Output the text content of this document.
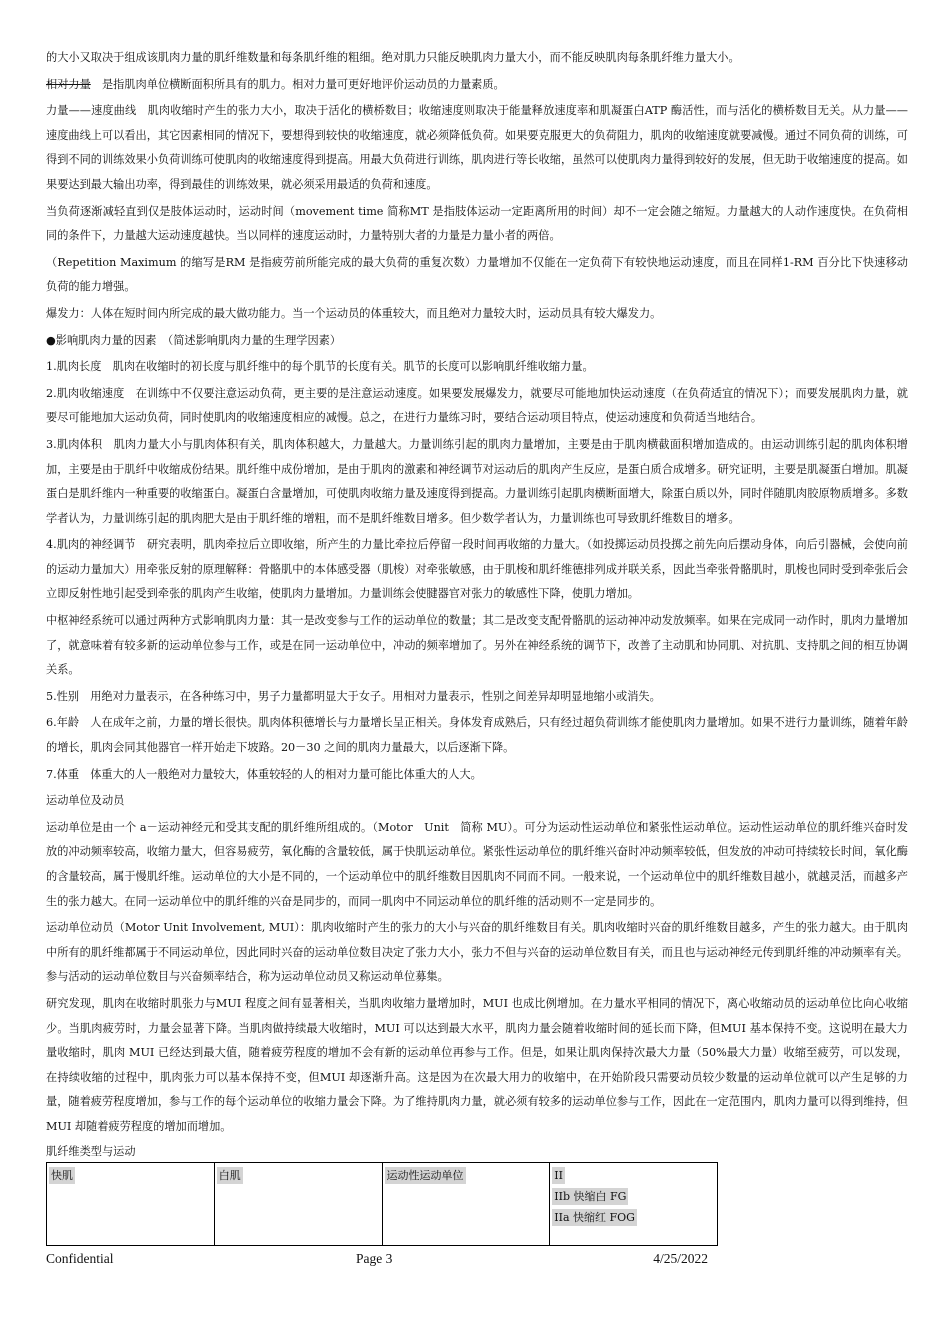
的大小又取决于组成该肌肉力量的肌纤维数量和每条肌纤维的粗细。绝对肌力只能反映肌肉力量大小，而不能反映肌肉每条肌纤维力量大小。

相对力量　 是指肌肉单位横断面积所具有的肌力。相对力量可更好地评价运动员的力量素质。

力量——速度曲线　肌肉收缩时产生的张力大小，取决于活化的横桥数目；收缩速度则取决于能量释放速度率和肌凝蛋白ATP 酶活性，而与活化的横桥数目无关。从力量——速度曲线上可以看出，其它因素相同的情况下，要想得到较快的收缩速度，就必须降低负荷。如果要克服更大的负荷阻力，肌肉的收缩速度就要减慢。通过不同负荷的训练，可得到不同的训练效果小负荷训练可使肌肉的收缩速度得到提高。用最大负荷进行训练，肌肉进行等长收缩，虽然可以使肌肉力量得到较好的发展，但无助于收缩速度的提高。如果要达到最大输出功率，得到最佳的训练效果，就必须采用最适的负荷和速度。

当负荷逐渐减轻直到仅是肢体运动时，运动时间（movement time 简称MT 是指肢体运动一定距离所用的时间）却不一定会随之缩短。力量越大的人动作速度快。在负荷相同的条件下，力量越大运动速度越快。当以同样的速度运动时，力量特别大者的力量是力量小者的两倍。

（Repetition Maximum 的缩写是RM 是指疲劳前所能完成的最大负荷的重复次数）力量增加不仅能在一定负荷下有较快地运动速度，而且在同样1-RM 百分比下快速移动负荷的能力增强。

爆发力：人体在短时间内所完成的最大做功能力。当一个运动员的体重较大，而且绝对力量较大时，运动员具有较大爆发力。

●影响肌肉力量的因素　（简述影响肌肉力量的生理学因素）

1.肌肉长度　肌肉在收缩时的初长度与肌纤维中的每个肌节的长度有关。肌节的长度可以影响肌纤维收缩力量。

2.肌肉收缩速度　在训练中不仅要注意运动负荷，更主要的是注意运动速度。如果要发展爆发力，就要尽可能地加快运动速度（在负荷适宜的情况下）；而要发展肌肉力量，就要尽可能地加大运动负荷，同时使肌肉的收缩速度相应的减慢。总之，在进行力量练习时，要结合运动项目特点，使运动速度和负荷适当地结合。

3.肌肉体积　肌肉力量大小与肌肉体积有关，肌肉体积越大，力量越大。力量训练引起的肌肉力量增加，主要是由于肌肉横截面积增加造成的。由运动训练引起的肌肉体积增加，主要是由于肌纤中收缩成份结果。肌纤维中成份增加，是由于肌肉的激素和神经调节对运动后的肌肉产生反应，是蛋白质合成增多。研究证明，主要是肌凝蛋白增加。肌凝蛋白是肌纤维内一种重要的收缩蛋白。凝蛋白含量增加，可使肌肉收缩力量及速度得到提高。力量训练引起肌肉横断面增大，除蛋白质以外，同时伴随肌肉胶原物质增多。多数学者认为，力量训练引起的肌肉肥大是由于肌纤维的增粗，而不是肌纤维数目增多。但少数学者认为，力量训练也可导致肌纤维数目的增多。

4.肌肉的神经调节　研究表明，肌肉牵拉后立即收缩，所产生的力量比牵拉后停留一段时间再收缩的力量大。（如投掷运动员投掷之前先向后摆动身体，向后引器械，会使向前的运动力量加大）用牵张反射的原理解释：骨骼肌中的本体感受器（肌梭）对牵张敏感，由于肌梭和肌纤维德排列成并联关系，因此当牵张骨骼肌时，肌梭也同时受到牵张后会立即反射性地引起受到牵张的肌肉产生收缩，使肌肉力量增加。力量训练会使腱器官对张力的敏感性下降，使肌力增加。

中枢神经系统可以通过两种方式影响肌肉力量：其一是改变参与工作的运动单位的数量；其二是改变支配骨骼肌的运动神冲动发放频率。如果在完成同一动作时，肌肉力量增加了，就意味着有较多新的运动单位参与工作，或是在同一运动单位中，冲动的频率增加了。另外在神经系统的调节下，改善了主动肌和协同肌、对抗肌、支持肌之间的相互协调关系。

5.性别　用绝对力量表示，在各种练习中，男子力量都明显大于女子。用相对力量表示，性别之间差异却明显地缩小或消失。

6.年龄　人在成年之前，力量的增长很快。肌肉体积德增长与力量增长呈正相关。身体发育成熟后，只有经过超负荷训练才能使肌肉力量增加。如果不进行力量训练，随着年龄的增长，肌肉会同其他器官一样开始走下坡路。20－30 之间的肌肉力量最大，以后逐渐下降。

7.体重　体重大的人一般绝对力量较大，体重较轻的人的相对力量可能比体重大的人大。

运动单位及动员

运动单位是由一个 a－运动神经元和受其支配的肌纤维所组成的。（Motor　Unit　简称 MU）。可分为运动性运动单位和紧张性运动单位。运动性运动单位的肌纤维兴奋时发放的冲动频率较高，收缩力量大，但容易疲劳，氧化酶的含量较低，属于快肌运动单位。紧张性运动单位的肌纤维兴奋时冲动频率较低，但发放的冲动可持续较长时间，氧化酶的含量较高，属于慢肌纤维。运动单位的大小是不同的，一个运动单位中的肌纤维数目因肌肉不同而不同。一般来说，一个运动单位中的肌纤维数目越小，就越灵活，而越多产生的张力越大。在同一运动单位中的肌纤维的兴奋是同步的，而同一肌肉中不同运动单位的肌纤维的活动则不一定是同步的。

运动单位动员（Motor Unit Involvement, MUI）：肌肉收缩时产生的张力的大小与兴奋的肌纤维数目有关。肌肉收缩时兴奋的肌纤维数目越多，产生的张力越大。由于肌肉中所有的肌纤维都属于不同运动单位，因此同时兴奋的运动单位数目决定了张力大小，张力不但与兴奋的运动单位数目有关，而且也与运动神经元传到肌纤维的冲动频率有关。参与活动的运动单位数目与兴奋频率结合，称为运动单位动员又称运动单位募集。

研究发现，肌肉在收缩时肌张力与MUI 程度之间有显著相关，当肌肉收缩力量增加时，MUI 也成比例增加。在力量水平相同的情况下，离心收缩动员的运动单位比向心收缩少。当肌肉疲劳时，力量会显著下降。当肌肉做持续最大收缩时，MUI 可以达到最大水平，肌肉力量会随着收缩时间的延长而下降，但MUI 基本保持不变。这说明在最大力量收缩时，肌肉 MUI 已经达到最大值，随着疲劳程度的增加不会有新的运动单位再参与工作。但是，如果让肌肉保持次最大力量（50%最大力量）收缩至疲劳，可以发现，在持续收缩的过程中，肌肉张力可以基本保持不变，但MUI 却逐渐升高。这是因为在次最大用力的收缩中，在开始阶段只需要动员较少数量的运动单位就可以产生足够的力量，随着疲劳程度增加，参与工作的每个运动单位的收缩力量会下降。为了维持肌肉力量，就必须有较多的运动单位参与工作，因此在一定范围内，肌肉力量可以得到维持，但MUI 却随着疲劳程度的增加而增加。

肌纤维类型与运动
快肌	白肌	运动性运动单位	II
IIb 快缩白 FG
IIa 快缩红 FOG
Confidential	Page 3	4/25/2022
